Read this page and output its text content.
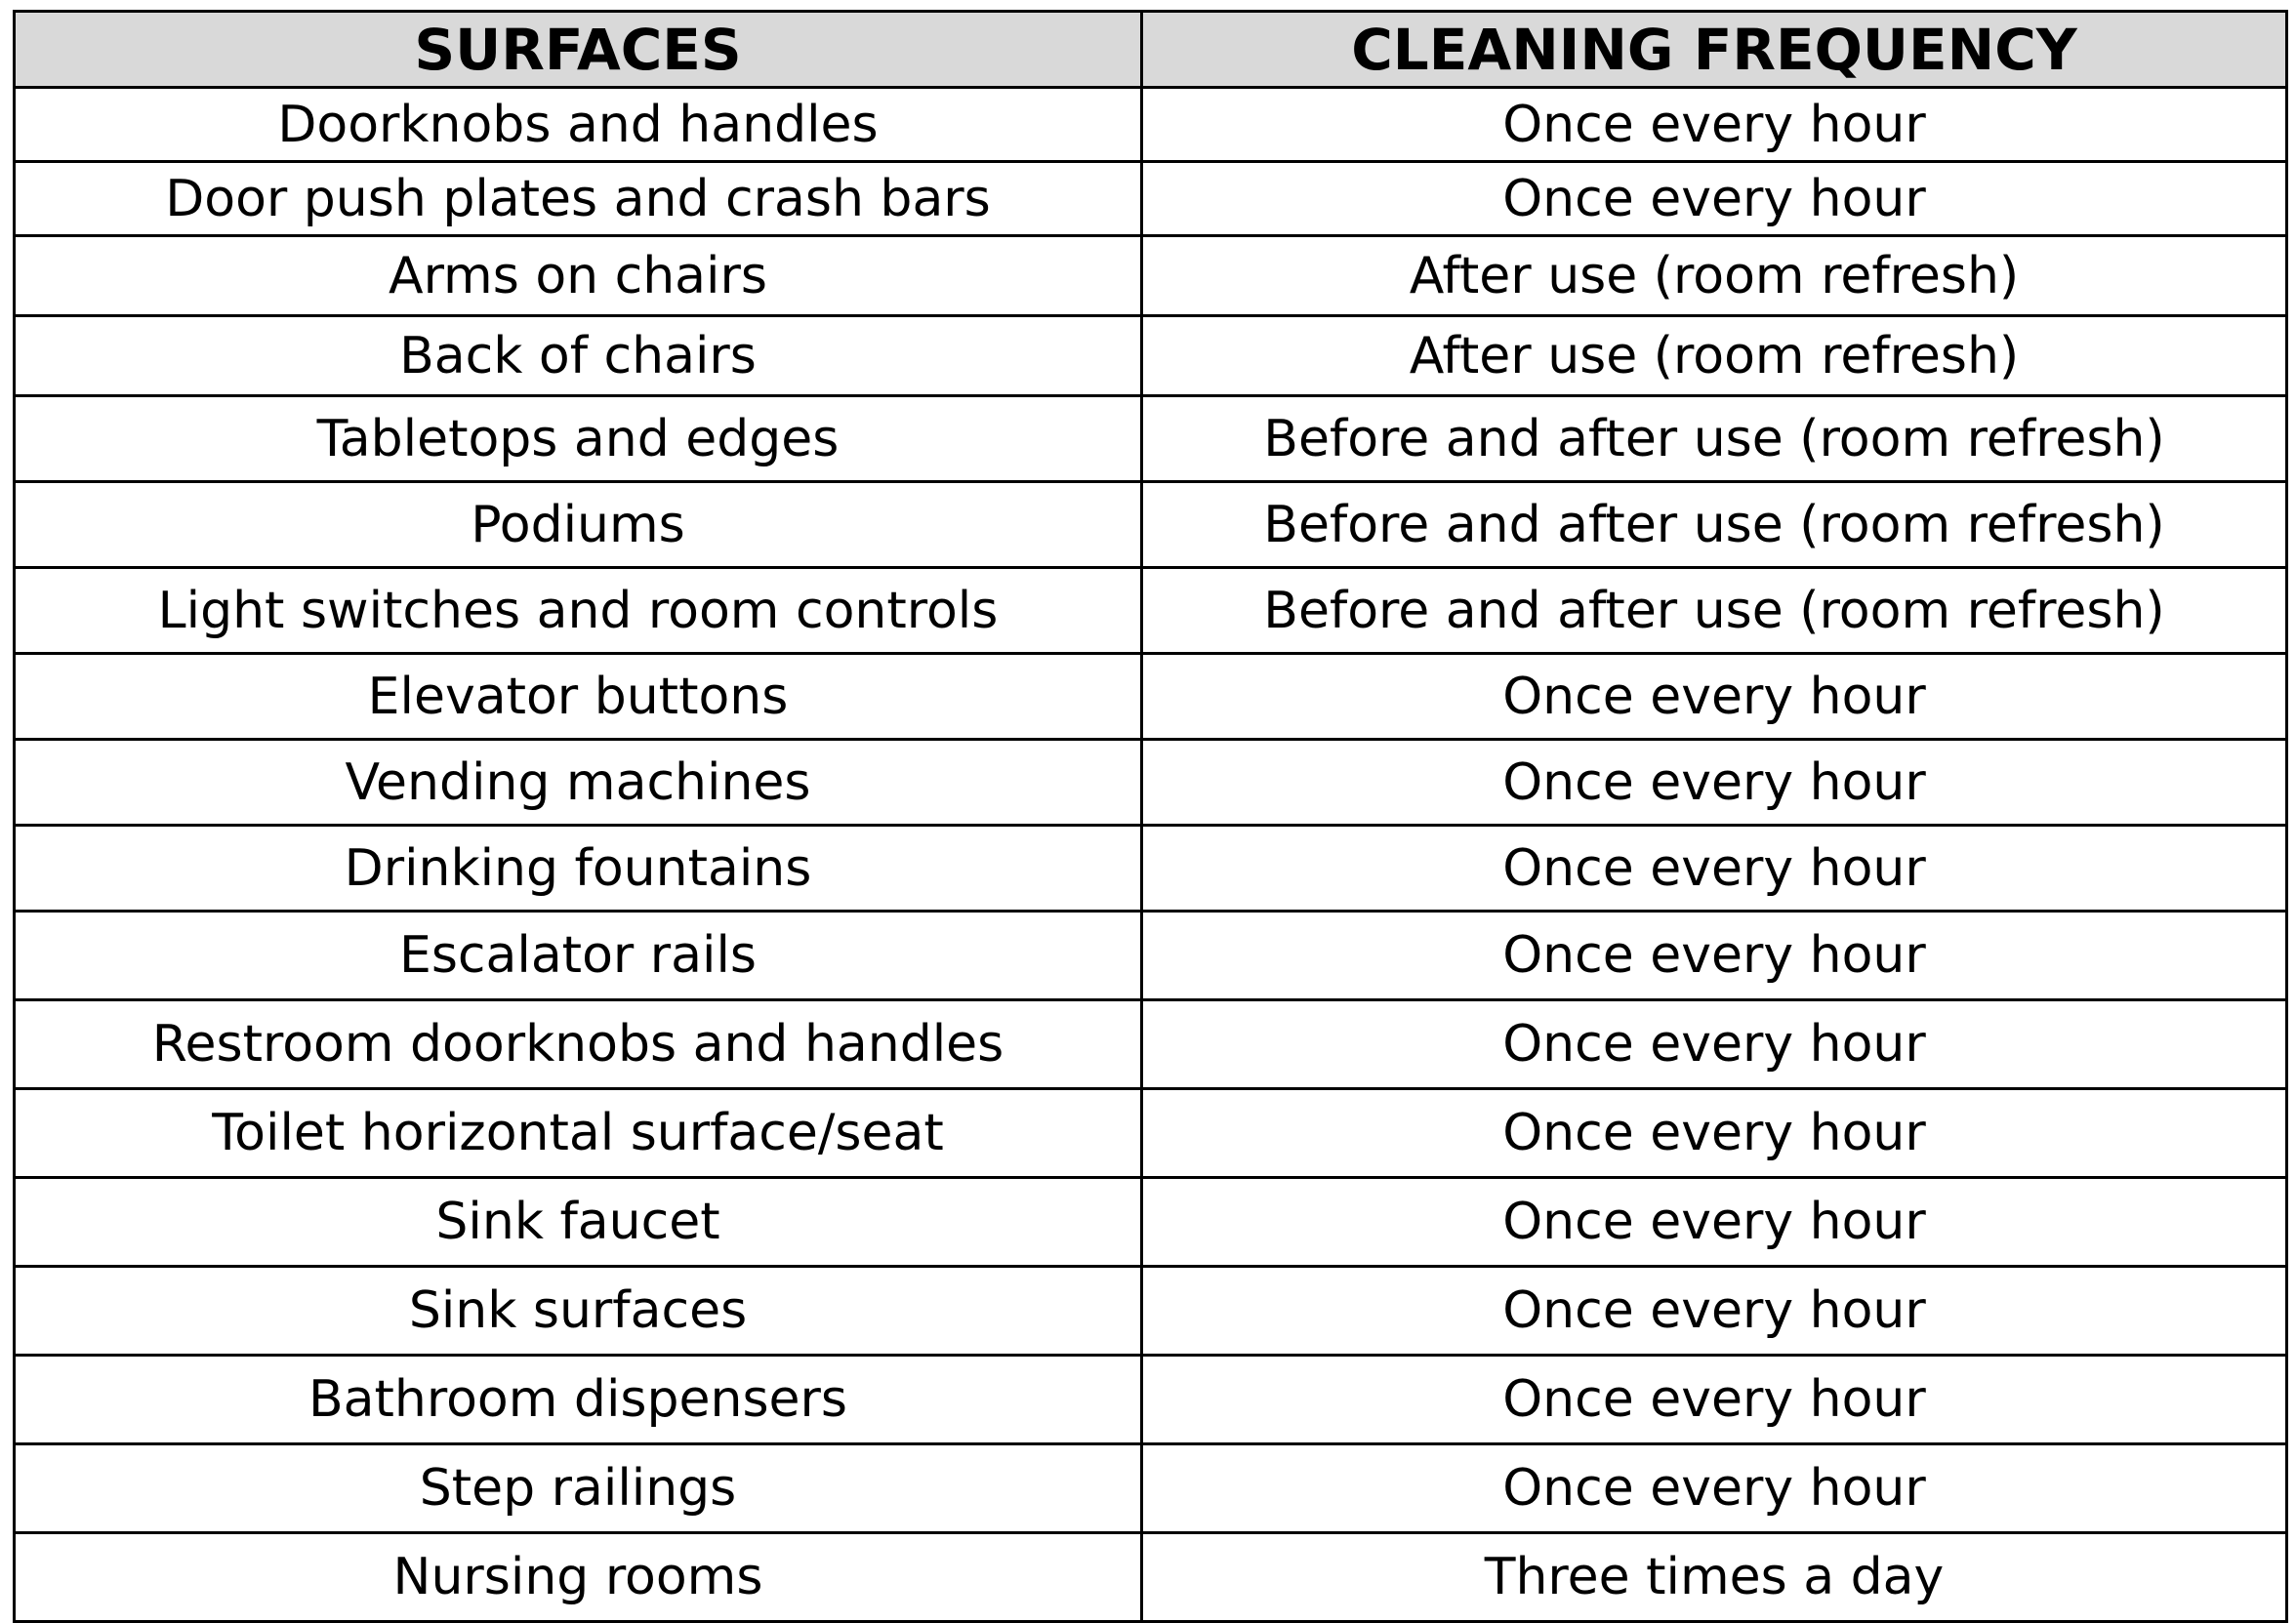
SURFACES	CLEANING FREQUENCY
Doorknobs and handles	Once every hour
Door push plates and crash bars	Once every hour
Arms on chairs	After use (room refresh)
Back of chairs	After use (room refresh)
Tabletops and edges	Before and after use (room refresh)
Podiums	Before and after use (room refresh)
Light switches and room controls	Before and after use (room refresh)
Elevator buttons	Once every hour
Vending machines	Once every hour
Drinking fountains	Once every hour
Escalator rails	Once every hour
Restroom doorknobs and handles	Once every hour
Toilet horizontal surface/seat	Once every hour
Sink faucet	Once every hour
Sink surfaces	Once every hour
Bathroom dispensers	Once every hour
Step railings	Once every hour
Nursing rooms	Three times a day
